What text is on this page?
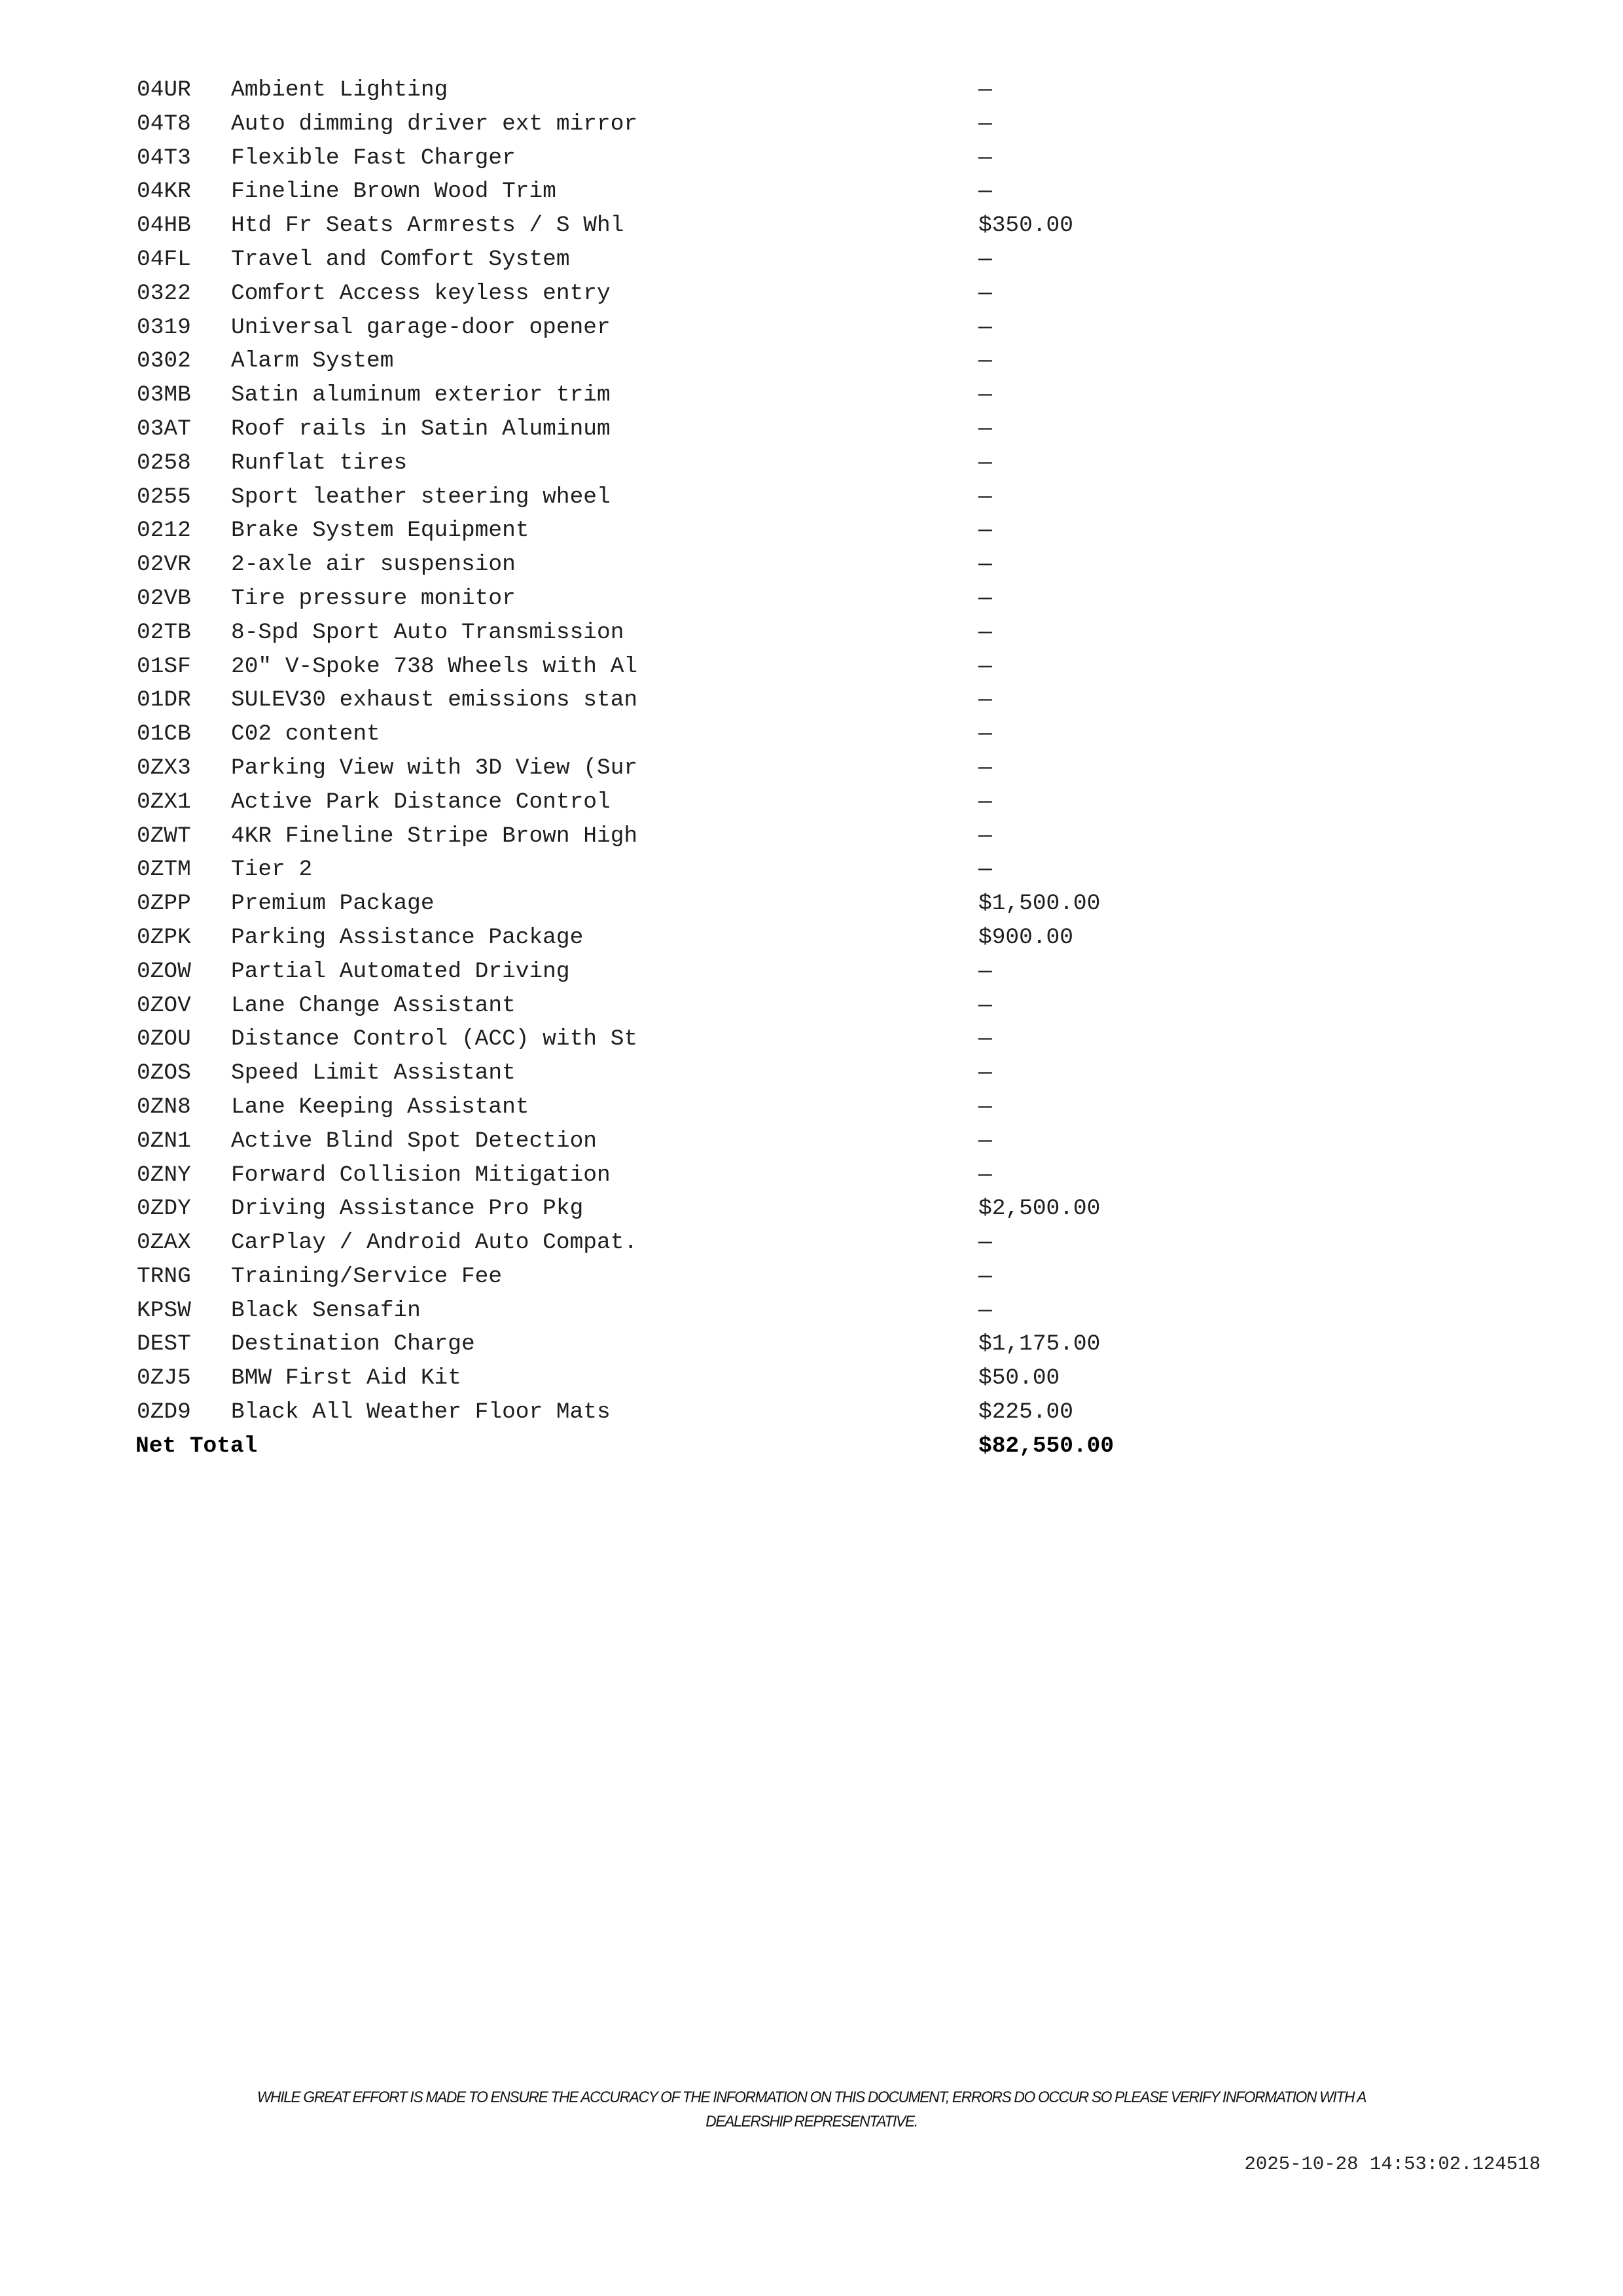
04UR Ambient Lighting	—
04T8 Auto dimming driver ext mirror	—
04T3 Flexible Fast Charger	—
04KR Fineline Brown Wood Trim	—
04HB Htd Fr Seats Armrests / S Whl	$350.00
04FL Travel and Comfort System	—
0322 Comfort Access keyless entry	—
0319 Universal garage-door opener	—
0302 Alarm System	—
03MB Satin aluminum exterior trim	—
03AT Roof rails in Satin Aluminum	—
0258 Runflat tires	—
0255 Sport leather steering wheel	—
0212 Brake System Equipment	—
02VR 2-axle air suspension	—
02VB Tire pressure monitor	—
02TB 8-Spd Sport Auto Transmission	—
01SF 20" V-Spoke 738 Wheels with Al	—
01DR SULEV30 exhaust emissions stan	—
01CB C02 content	—
0ZX3 Parking View with 3D View (Sur	—
0ZX1 Active Park Distance Control	—
0ZWT 4KR Fineline Stripe Brown High	—
0ZTM Tier 2	—
0ZPP Premium Package	$1,500.00
0ZPK Parking Assistance Package	$900.00
0ZOW Partial Automated Driving	—
0ZOV Lane Change Assistant	—
0ZOU Distance Control (ACC) with St	—
0ZOS Speed Limit Assistant	—
0ZN8 Lane Keeping Assistant	—
0ZN1 Active Blind Spot Detection	—
0ZNY Forward Collision Mitigation	—
0ZDY Driving Assistance Pro Pkg	$2,500.00
0ZAX CarPlay / Android Auto Compat.	—
TRNG Training/Service Fee	—
KPSW Black Sensafin	—
DEST Destination Charge	$1,175.00
0ZJ5 BMW First Aid Kit	$50.00
0ZD9 Black All Weather Floor Mats	$225.00
Net Total	$82,550.00
WHILE GREAT EFFORT IS MADE TO ENSURE THE ACCURACY OF THE INFORMATION ON THIS DOCUMENT, ERRORS DO OCCUR SO PLEASE VERIFY INFORMATION WITH A
DEALERSHIP REPRESENTATIVE.
2025-10-28 14:53:02.124518
